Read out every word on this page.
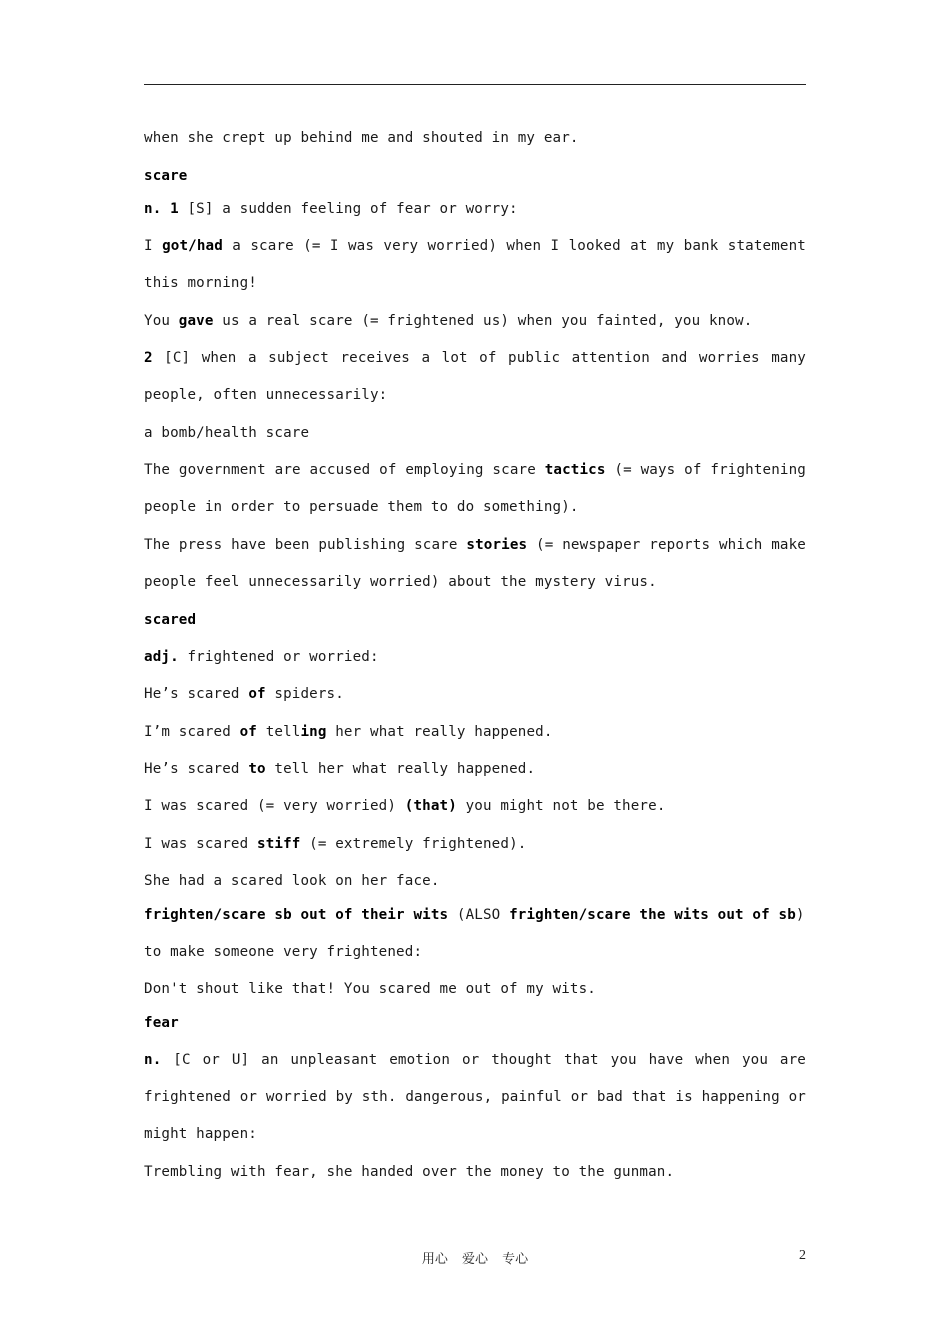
when she crept up behind me and shouted in my ear.
scare
n. 1 [S] a sudden feeling of fear or worry:
I got/had a scare (= I was very worried) when I looked at my bank statement
this morning!
You gave us a real scare (= frightened us) when you fainted, you know.
2 [C] when a subject receives a lot of public attention and worries many
people, often unnecessarily:
a bomb/health scare
The government are accused of employing scare tactics (= ways of frightening
people in order to persuade them to do something).
The press have been publishing scare stories (= newspaper reports which make
people feel unnecessarily worried) about the mystery virus.
scared
adj. frightened or worried:
He’s scared of spiders.
I’m scared of telling her what really happened.
He’s scared to tell her what really happened.
I was scared (= very worried) (that) you might not be there.
I was scared stiff (= extremely frightened).
She had a scared look on her face.
frighten/scare sb out of their wits (ALSO frighten/scare the wits out of sb)
to make someone very frightened:
Don't shout like that! You scared me out of my wits.
fear
n. [C or U] an unpleasant emotion or thought that you have when you are
frightened or worried by sth. dangerous, painful or bad that is happening or
might happen:
Trembling with fear, she handed over the money to the gunman.
用心 爱心 专心	2
